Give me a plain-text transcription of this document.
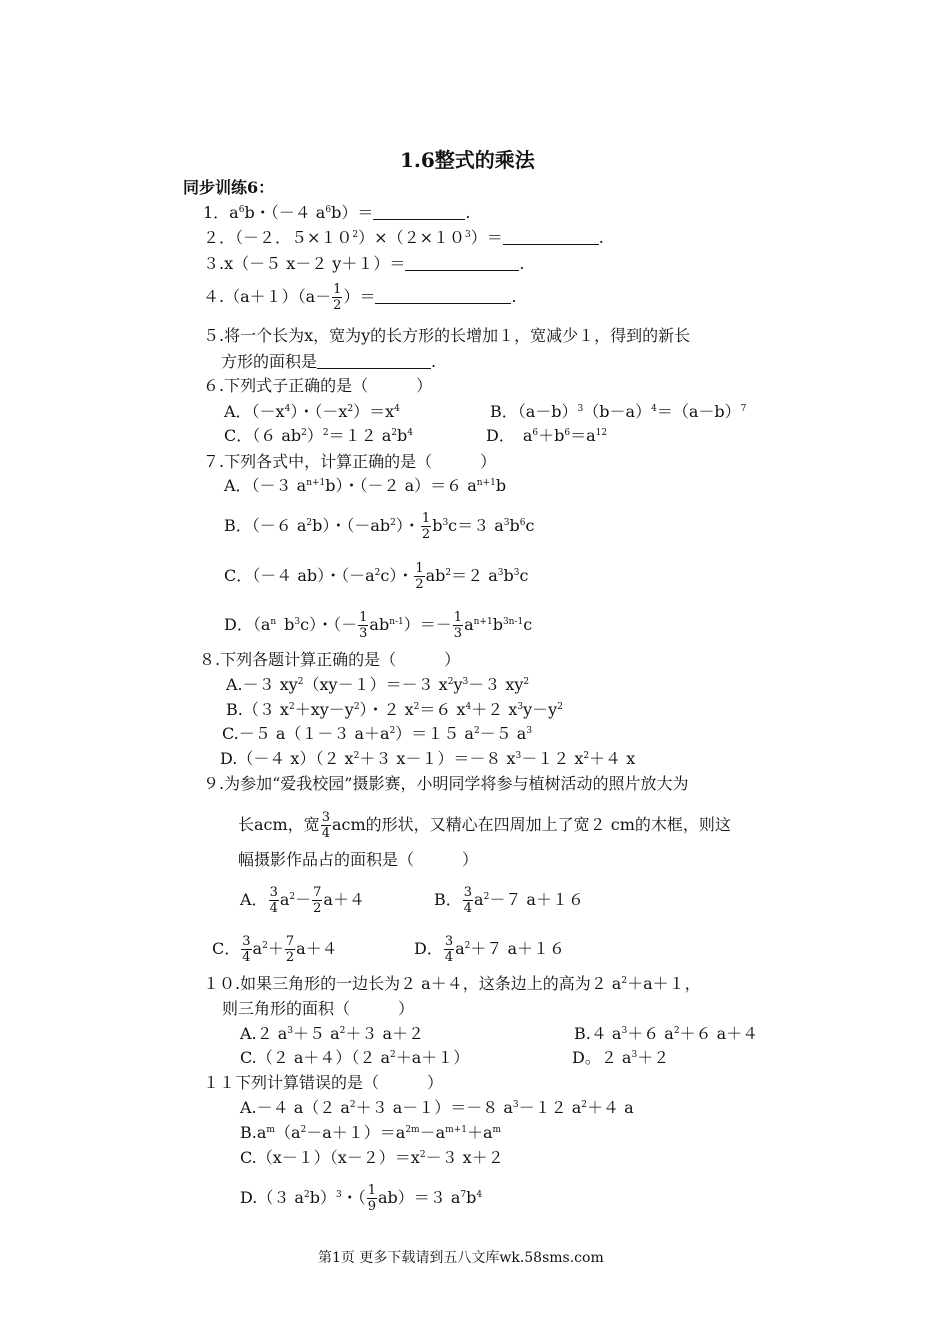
1.6整式的乘法
同步训练6：
1．$a^6b$・（－４ $a^6b)=$	.
２．（－２．$5\times 10^2)\times(2\times 10^3)=$	.
３.x（－５ x－２ y＋１）＝	.
$4.(a+1)(a- \frac{1}{2}$ ）＝	.
５.将一个长为x，宽为y的长方形的长增加１，宽减少１，得到的新长
方形的面积是	.
６.下列式子正确的是（　　　）
A．$(-x^4)$・$(-x^2)=x^4$	B．$(a-b)^3(b-a)^4=(a-b)^7$
C．（６ $ab^2)^2=12$ $a^2b^4$	D．　$a^6+b^6=a^{12}$
７.下列各式中，计算正确的是（　　　）
A．（－３ $a^{n+1}b$）・（－２ a）＝６ $a^{n+1}b$
B．（－６ $a^2b$）・$(-ab^2)$・ $\frac{1}{2} b^3c=3$ $a^3b^6c$
C．（－４ ab）・$(-a^2c)$・ $\frac{1}{2} ab^2=2$ $a^3b^3c$
D．（$a^n$ $b^3c$）・（－ $\frac{1}{3} ab^{n-1})=- \frac{1}{3} a^{n+1}b^{3n-1}c$
８.下列各题计算正确的是（　　　）
A.－３ $xy^2(xy-1)=-3$ $x^2y^3-3$ $xy^2$
B.（３ $x^2+xy-y^2$）・２ $x^2=6$ $x^4+2$ $x^3y-y^2$
C.－５ a（１－３ $a+a^2)=15$ $a^2-5$ $a^3$
D.（－４ x）（２ $x^2+3$ x－１）＝－８ $x^3-12$ $x^2+4$ x
９.为参加“爱我校园”摄影赛，小明同学将参与植树活动的照片放大为
长acm，宽 $\frac{3}{4}$ acm的形状，又精心在四周加上了宽２ cm的木框，则这
幅摄影作品占的面积是（　　　）
A． $\frac{3}{4} a^2- \frac{7}{2} a+4$	B． $\frac{3}{4} a^2-7$ a＋１６
C． $\frac{3}{4} a^2+ \frac{7}{2} a+4$	D． $\frac{3}{4} a^2+7$ a＋１６
１０.如果三角形的一边长为２ a＋４，这条边上的高为２ $a^2+a+1$，
则三角形的面积（　　　）
A.２ $a^3+5$ $a^2+3$ a＋２	B.４ $a^3+6$ $a^2+6$ a＋４
C.（２ a＋４）（２ $a^2+a+1$）	D。２ $a^3+2$
１１下列计算错误的是（　　　）
A.－４ a（２ $a^2+3$ a－１）＝－８ $a^3-12$ $a^2+4$ a
$B.a^m(a^2-a+1)=a^{2m}-a^{m+1}+a^m$
$C.(x-1)(x-2)=x^2-3$ x＋２
D.（３ $a^2b)^3$・（ $\frac{1}{9} ab)=3$ $a^7b^4$
第1页 更多下载请到五八文库wk.58sms.com
